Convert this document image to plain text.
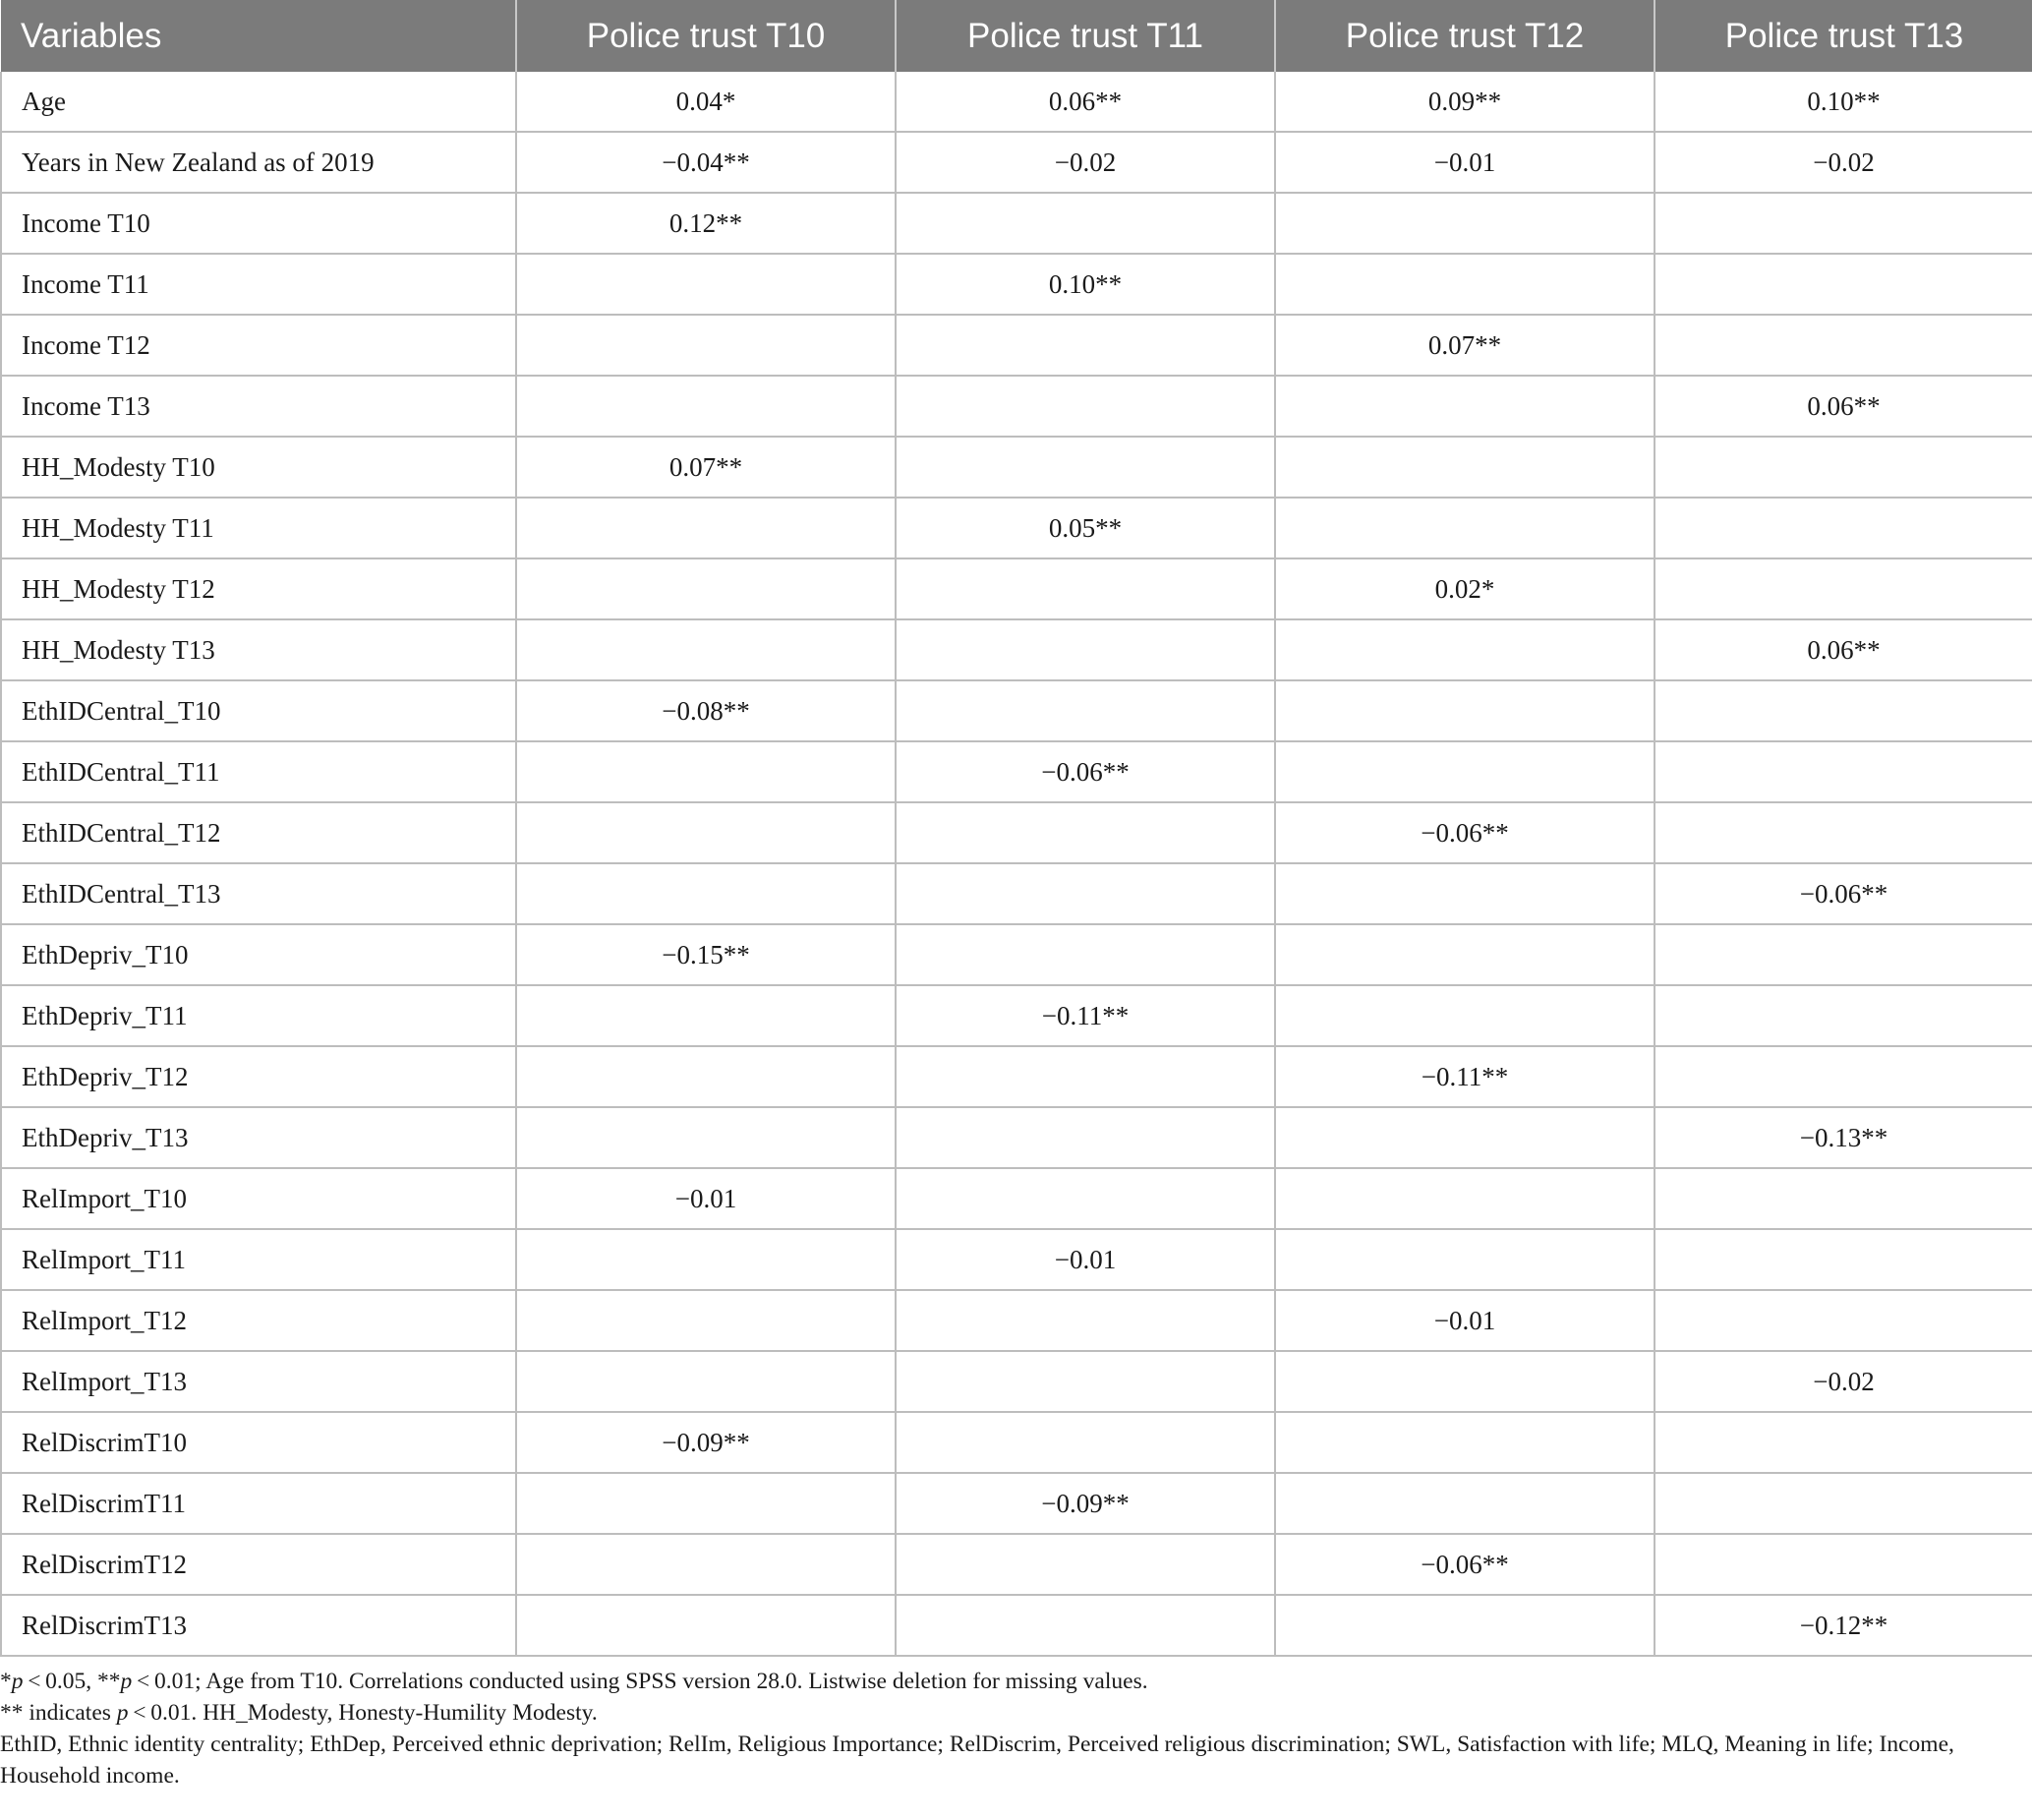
Variables	Police trust T10	Police trust T11	Police trust T12	Police trust T13
Age	0.04*	0.06**	0.09**	0.10**
Years in New Zealand as of 2019	−0.04**	−0.02	−0.01	−0.02
Income T10	0.12**			
Income T11		0.10**		
Income T12			0.07**	
Income T13				0.06**
HH_Modesty T10	0.07**			
HH_Modesty T11		0.05**		
HH_Modesty T12			0.02*	
HH_Modesty T13				0.06**
EthIDCentral_T10	−0.08**			
EthIDCentral_T11		−0.06**		
EthIDCentral_T12			−0.06**	
EthIDCentral_T13				−0.06**
EthDepriv_T10	−0.15**			
EthDepriv_T11		−0.11**		
EthDepriv_T12			−0.11**	
EthDepriv_T13				−0.13**
RelImport_T10	−0.01			
RelImport_T11		−0.01		
RelImport_T12			−0.01	
RelImport_T13				−0.02
RelDiscrimT10	−0.09**			
RelDiscrimT11		−0.09**		
RelDiscrimT12			−0.06**	
RelDiscrimT13				−0.12**

*p < 0.05, **p < 0.01; Age from T10. Correlations conducted using SPSS version 28.0. Listwise deletion for missing values.

** indicates p < 0.01. HH_Modesty, Honesty-Humility Modesty.

EthID, Ethnic identity centrality; EthDep, Perceived ethnic deprivation; RelIm, Religious Importance; RelDiscrim, Perceived religious discrimination; SWL, Satisfaction with life; MLQ, Meaning in life; Income, Household income.
